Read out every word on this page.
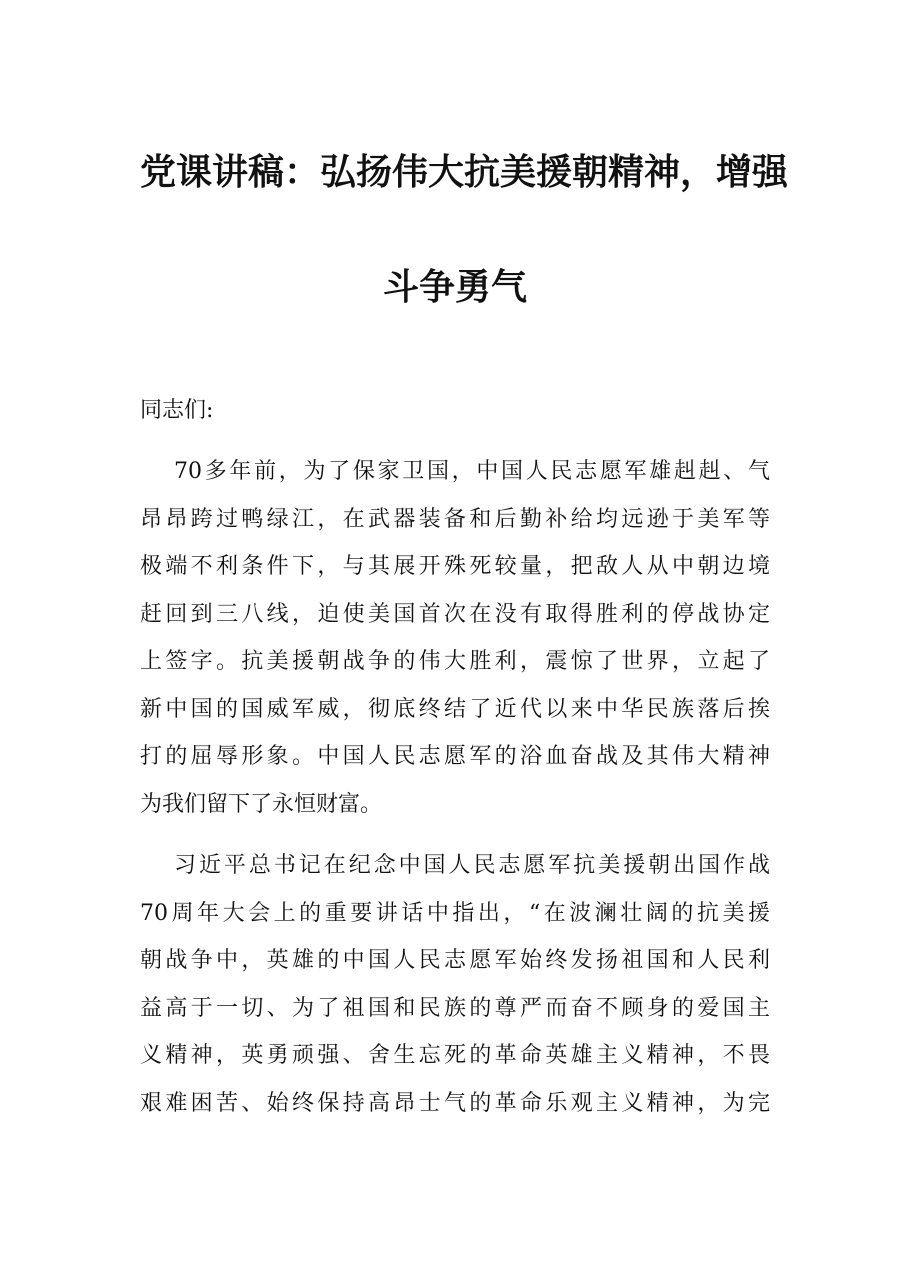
党课讲稿：弘扬伟大抗美援朝精神，增强
斗争勇气
同志们:
70多年前，为了保家卫国，中国人民志愿军雄赳赳、气
昂昂跨过鸭绿江，在武器装备和后勤补给均远逊于美军等
极端不利条件下，与其展开殊死较量，把敌人从中朝边境
赶回到三八线，迫使美国首次在没有取得胜利的停战协定
上签字。抗美援朝战争的伟大胜利，震惊了世界，立起了
新中国的国威军威，彻底终结了近代以来中华民族落后挨
打的屈辱形象。中国人民志愿军的浴血奋战及其伟大精神
为我们留下了永恒财富。
习近平总书记在纪念中国人民志愿军抗美援朝出国作战
70周年大会上的重要讲话中指出，“在波澜壮阔的抗美援
朝战争中，英雄的中国人民志愿军始终发扬祖国和人民利
益高于一切、为了祖国和民族的尊严而奋不顾身的爱国主
义精神，英勇顽强、舍生忘死的革命英雄主义精神，不畏
艰难困苦、始终保持高昂士气的革命乐观主义精神，为完
